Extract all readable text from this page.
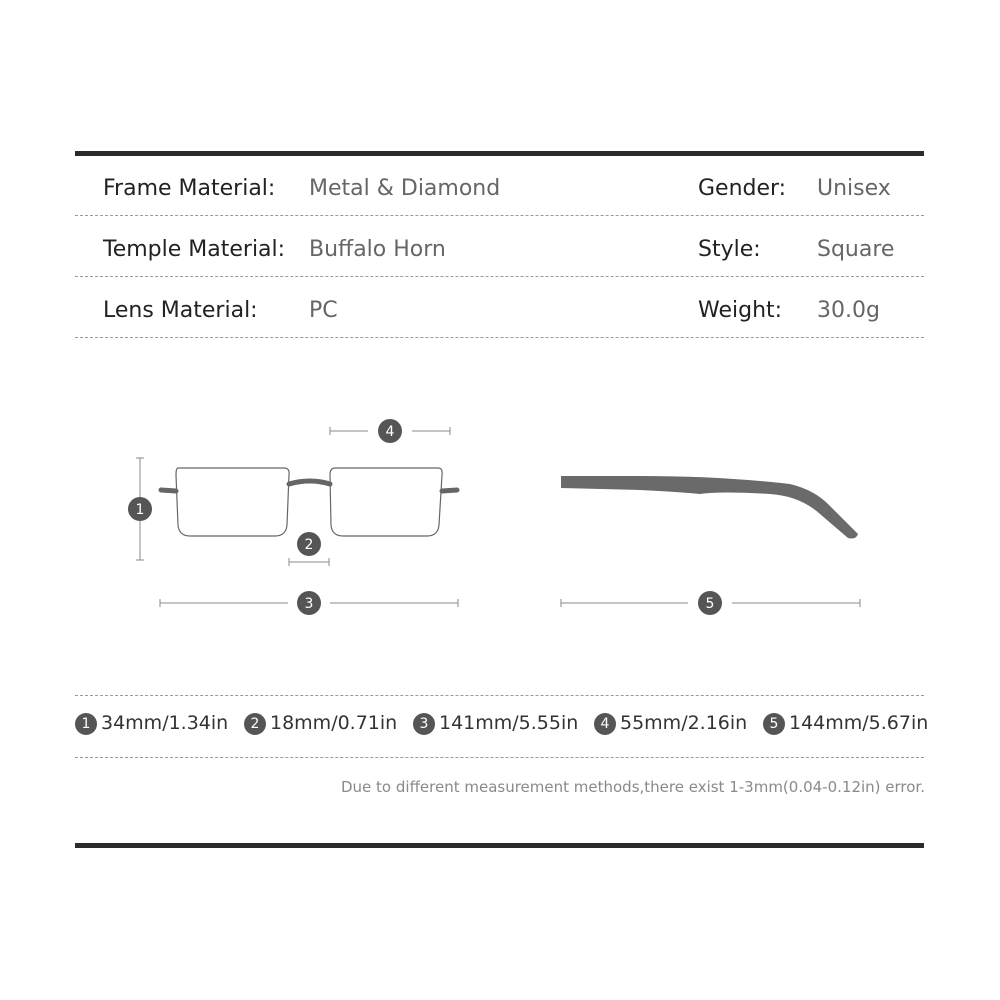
Frame Material: Metal & Diamond	Gender: Unisex
Temple Material: Buffalo Horn	Style:	Square
Lens Material: PC	Weight: 30.0g
1
2
3
4
5
1 34mm/1.34in	2 18mm/0.71in	3 141mm/5.55in	4 55mm/2.16in	5 144mm/5.67in
Due to different measurement methods,there exist 1-3mm(0.04-0.12in) error.
